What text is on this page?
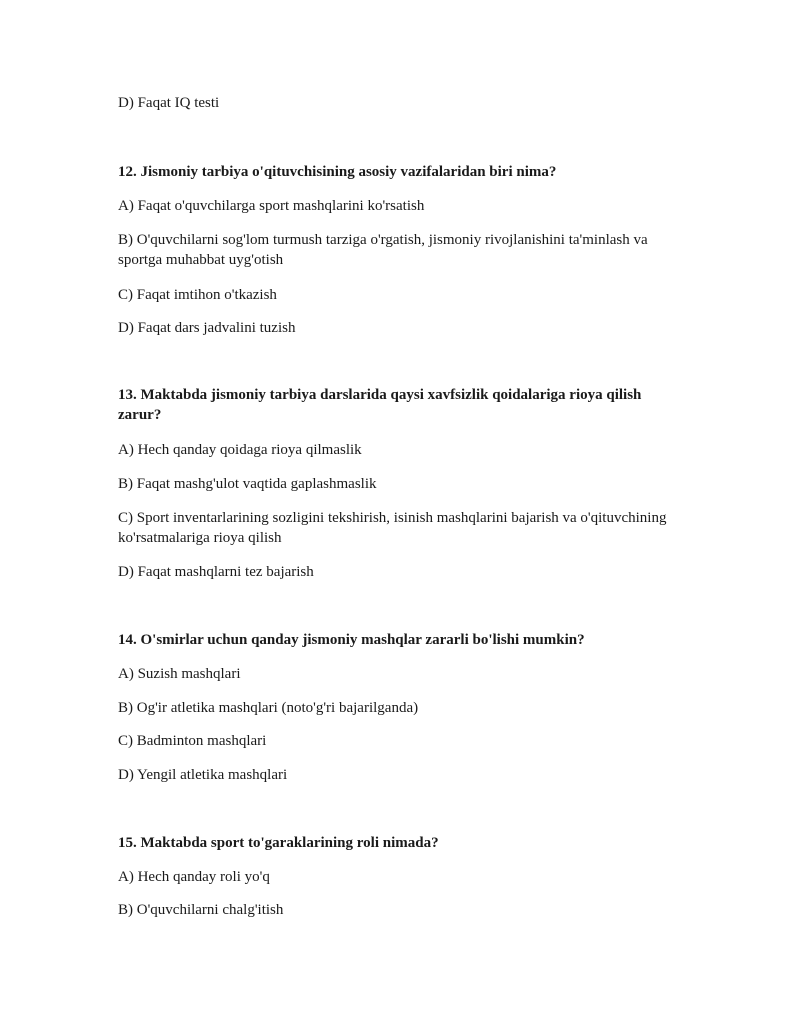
D) Faqat IQ testi
12. Jismoniy tarbiya o'qituvchisining asosiy vazifalaridan biri nima?
A) Faqat o'quvchilarga sport mashqlarini ko'rsatish
B) O'quvchilarni sog'lom turmush tarziga o'rgatish, jismoniy rivojlanishini ta'minlash va sportga muhabbat uyg'otish
C) Faqat imtihon o'tkazish
D) Faqat dars jadvalini tuzish
13. Maktabda jismoniy tarbiya darslarida qaysi xavfsizlik qoidalariga rioya qilish zarur?
A) Hech qanday qoidaga rioya qilmaslik
B) Faqat mashg'ulot vaqtida gaplashmaslik
C) Sport inventarlarining sozligini tekshirish, isinish mashqlarini bajarish va o'qituvchining ko'rsatmalariga rioya qilish
D) Faqat mashqlarni tez bajarish
14. O'smirlar uchun qanday jismoniy mashqlar zararli bo'lishi mumkin?
A) Suzish mashqlari
B) Og'ir atletika mashqlari (noto'g'ri bajarilganda)
C) Badminton mashqlari
D) Yengil atletika mashqlari
15. Maktabda sport to'garaklarining roli nimada?
A) Hech qanday roli yo'q
B) O'quvchilarni chalg'itish
